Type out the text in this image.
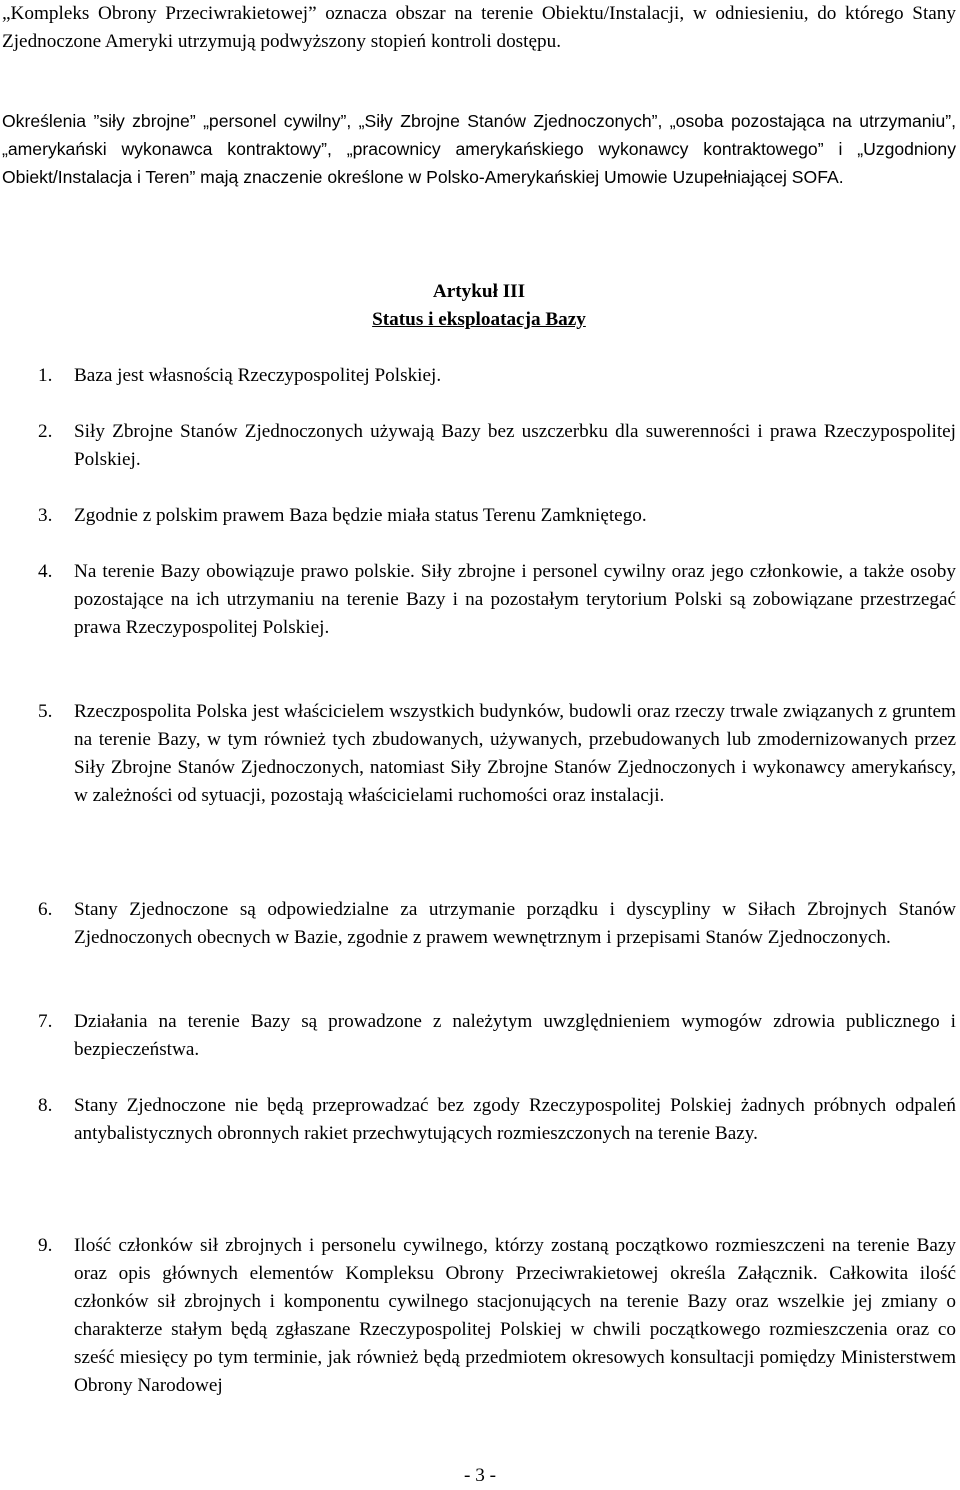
„Kompleks Obrony Przeciwrakietowej” oznacza obszar na terenie Obiektu/Instalacji, w odniesieniu, do którego Stany Zjednoczone Ameryki utrzymują podwyższony stopień kontroli dostępu.

Określenia ”siły zbrojne” „personel cywilny”, „Siły Zbrojne Stanów Zjednoczonych”, „osoba pozostająca na utrzymaniu”, „amerykański wykonawca kontraktowy”, „pracownicy amerykańskiego wykonawcy kontraktowego” i „Uzgodniony Obiekt/Instalacja i Teren” mają znaczenie określone w Polsko-Amerykańskiej Umowie Uzupełniającej SOFA.

Artykuł III

Status i eksploatacja Bazy

1.	Baza jest własnością Rzeczypospolitej Polskiej.
2.	Siły Zbrojne Stanów Zjednoczonych używają Bazy bez uszczerbku dla suwerenności i prawa Rzeczypospolitej Polskiej.
3.	Zgodnie z polskim prawem Baza będzie miała status Terenu Zamkniętego.
4.	Na terenie Bazy obowiązuje prawo polskie. Siły zbrojne i personel cywilny oraz jego członkowie, a także osoby pozostające na ich utrzymaniu na terenie Bazy i na pozostałym terytorium Polski są zobowiązane przestrzegać prawa Rzeczypospolitej Polskiej.
5.	Rzeczpospolita Polska jest właścicielem wszystkich budynków, budowli oraz rzeczy trwale związanych z gruntem na terenie Bazy, w tym również tych zbudowanych, używanych, przebudowanych lub zmodernizowanych przez Siły Zbrojne Stanów Zjednoczonych, natomiast Siły Zbrojne Stanów Zjednoczonych i wykonawcy amerykańscy, w zależności od sytuacji, pozostają właścicielami ruchomości oraz instalacji.
6.	Stany Zjednoczone są odpowiedzialne za utrzymanie porządku i dyscypliny w Siłach Zbrojnych Stanów Zjednoczonych obecnych w Bazie, zgodnie z prawem wewnętrznym i przepisami Stanów Zjednoczonych.
7.	Działania na terenie Bazy są prowadzone z należytym uwzględnieniem wymogów zdrowia publicznego i bezpieczeństwa.
8.	Stany Zjednoczone nie będą przeprowadzać bez zgody Rzeczypospolitej Polskiej żadnych próbnych odpaleń antybalistycznych obronnych rakiet przechwytujących rozmieszczonych na terenie Bazy.
9.	Ilość członków sił zbrojnych i personelu cywilnego, którzy zostaną początkowo rozmieszczeni na terenie Bazy oraz opis głównych elementów Kompleksu Obrony Przeciwrakietowej określa Załącznik. Całkowita ilość członków sił zbrojnych i komponentu cywilnego stacjonujących na terenie Bazy oraz wszelkie jej zmiany o charakterze stałym będą zgłaszane Rzeczypospolitej Polskiej w chwili początkowego rozmieszczenia oraz co sześć miesięcy po tym terminie, jak również będą przedmiotem okresowych konsultacji pomiędzy Ministerstwem Obrony Narodowej
- 3 -
